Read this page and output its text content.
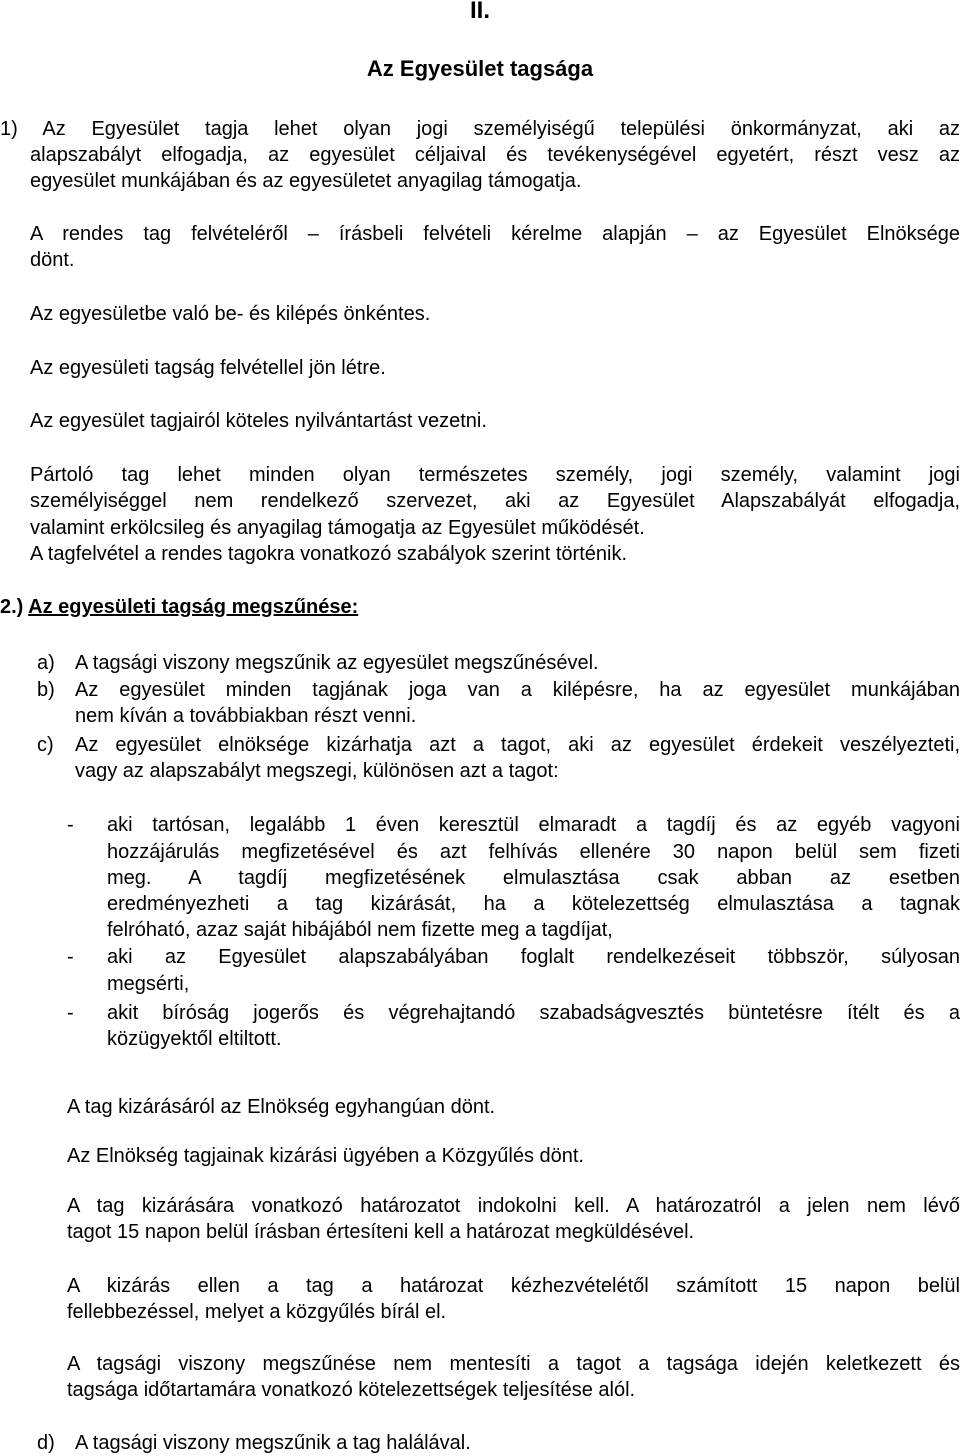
II.
Az Egyesület tagsága
1) Az Egyesület tagja lehet olyan jogi személyiségű települési önkormányzat, aki az
alapszabályt elfogadja, az egyesület céljaival és tevékenységével egyetért, részt vesz az
egyesület munkájában és az egyesületet anyagilag támogatja.
A rendes tag felvételéről – írásbeli felvételi kérelme alapján – az Egyesület Elnöksége
dönt.
Az egyesületbe való be- és kilépés önkéntes.
Az egyesületi tagság felvétellel jön létre.
Az egyesület tagjairól köteles nyilvántartást vezetni.
Pártoló tag lehet minden olyan természetes személy, jogi személy, valamint jogi
személyiséggel nem rendelkező szervezet, aki az Egyesület Alapszabályát elfogadja,
valamint erkölcsileg és anyagilag támogatja az Egyesület működését.
A tagfelvétel a rendes tagokra vonatkozó szabályok szerint történik.
2.) Az egyesületi tagság megszűnése:
a) A tagsági viszony megszűnik az egyesület megszűnésével.
b) Az egyesület minden tagjának joga van a kilépésre, ha az egyesület munkájában
nem kíván a továbbiakban részt venni.
c) Az egyesület elnöksége kizárhatja azt a tagot, aki az egyesület érdekeit veszélyezteti,
vagy az alapszabályt megszegi, különösen azt a tagot:
- aki tartósan, legalább 1 éven keresztül elmaradt a tagdíj és az egyéb vagyoni
hozzájárulás megfizetésével és azt felhívás ellenére 30 napon belül sem fizeti
meg. A tagdíj megfizetésének elmulasztása csak abban az esetben
eredményezheti a tag kizárását, ha a kötelezettség elmulasztása a tagnak
felróható, azaz saját hibájából nem fizette meg a tagdíjat,
- aki az Egyesület alapszabályában foglalt rendelkezéseit többször, súlyosan
megsérti,
- akit bíróság jogerős és végrehajtandó szabadságvesztés büntetésre ítélt és a
közügyektől eltiltott.
A tag kizárásáról az Elnökség egyhangúan dönt.
Az Elnökség tagjainak kizárási ügyében a Közgyűlés dönt.
A tag kizárására vonatkozó határozatot indokolni kell. A határozatról a jelen nem lévő
tagot 15 napon belül írásban értesíteni kell a határozat megküldésével.
A kizárás ellen a tag a határozat kézhezvételétől számított 15 napon belül
fellebbezéssel, melyet a közgyűlés bírál el.
A tagsági viszony megszűnése nem mentesíti a tagot a tagsága idején keletkezett és
tagsága időtartamára vonatkozó kötelezettségek teljesítése alól.
d) A tagsági viszony megszűnik a tag halálával.
